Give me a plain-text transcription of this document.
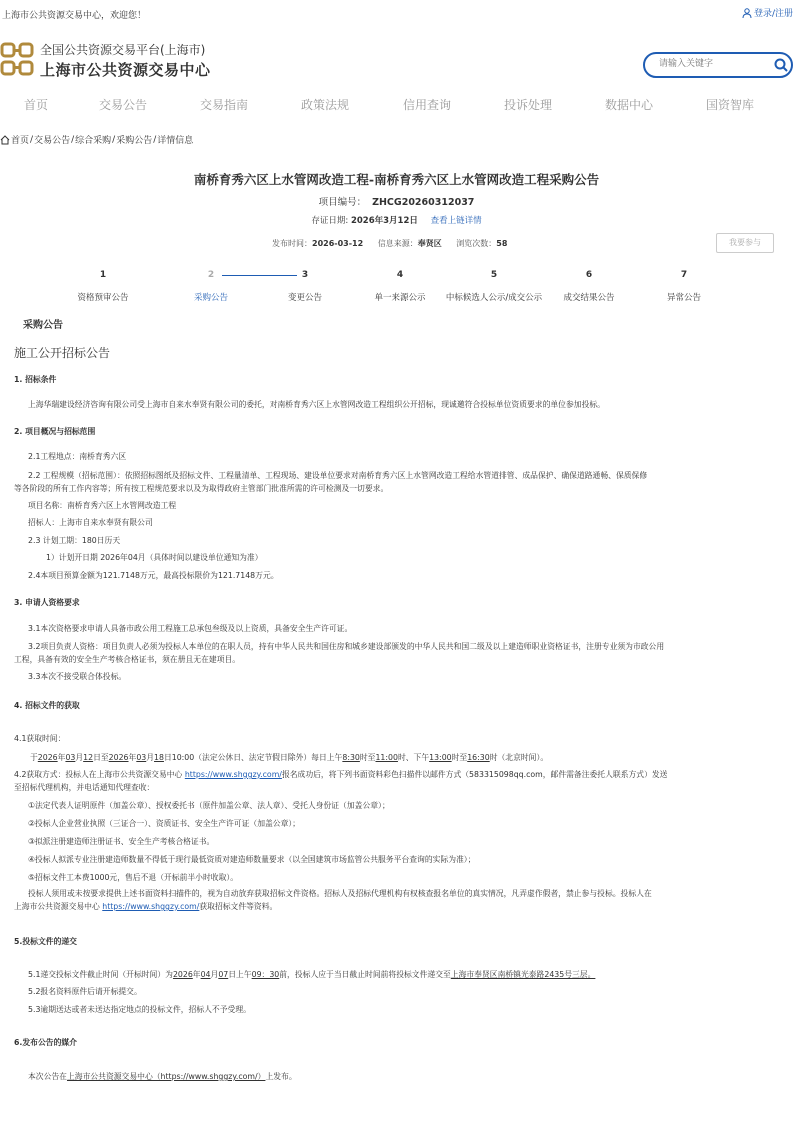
上海市公共资源交易中心，欢迎您！	登录/注册
全国公共资源交易平台(上海市)
上海市公共资源交易中心
请输入关键字
首页	交易公告	交易指南	政策法规	信用查询	投诉处理	数据中心	国资智库
首页 / 交易公告 / 综合采购 / 采购公告 / 详情信息
南桥育秀六区上水管网改造工程-南桥育秀六区上水管网改造工程采购公告
项目编号： ZHCG20260312037
存证日期: 2026年3月12日 查看上链详情
发布时间：2026-03-12 信息来源：奉贤区 浏览次数：58	我要参与
1
资格预审公告
2
采购公告
3
变更公告
4
单一来源公示
5
中标候选人公示/成交公示
6
成交结果公告
7
异常公告
采购公告
施工公开招标公告
1. 招标条件
上海华瑞建设经济咨询有限公司受上海市自来水奉贤有限公司的委托，对南桥育秀六区上水管网改造工程组织公开招标，现诚邀符合投标单位资质要求的单位参加投标。
2. 项目概况与招标范围
2.1工程地点：南桥育秀六区
2.2 工程规模（招标范围）：依照招标图纸及招标文件、工程量清单、工程现场、建设单位要求对南桥育秀六区上水管网改造工程给水管道排管、成品保护、确保道路通畅、保质保修
等各阶段的所有工作内容等；所有按工程规范要求以及为取得政府主管部门批准所需的许可检测及一切要求。
项目名称：南桥育秀六区上水管网改造工程
招标人：上海市自来水奉贤有限公司
2.3 计划工期：180日历天
1）计划开日期 2026年04月（具体时间以建设单位通知为准）
2.4本项目预算金额为121.7148万元，最高投标限价为121.7148万元。
3. 申请人资格要求
3.1本次资格要求申请人具备市政公用工程施工总承包叁级及以上资质，具备安全生产许可证。
3.2项目负责人资格：项目负责人必须为投标人本单位的在职人员，持有中华人民共和国住房和城乡建设部颁发的中华人民共和国二级及以上建造师职业资格证书，注册专业须为市政公用
工程，具备有效的安全生产考核合格证书，须在册且无在建项目。
3.3本次不接受联合体投标。
4. 招标文件的获取
4.1获取时间：
于2026年03月12日至2026年03月18日10:00（法定公休日、法定节假日除外）每日上午8:30时至11:00时、下午13:00时至16:30时（北京时间）。
4.2获取方式：投标人在上海市公共资源交易中心 https://www.shggzy.com/报名成功后，将下列书面资料彩色扫描件以邮件方式（583315098qq.com，邮件需备注委托人联系方式）发送
至招标代理机构，并电话通知代理查收：
①法定代表人证明原件（加盖公章）、授权委托书（原件加盖公章、法人章）、受托人身份证（加盖公章）；
②投标人企业营业执照（三证合一）、资质证书、安全生产许可证（加盖公章）；
③拟派注册建造师注册证书、安全生产考核合格证书。
④投标人拟派专业注册建造师数量不得低于现行最低资质对建造师数量要求（以全国建筑市场监管公共服务平台查询的实际为准）；
⑤招标文件工本费1000元，售后不退（开标前半小时收取）。
投标人须用或未按要求提供上述书面资料扫描件的，视为自动放弃获取招标文件资格。招标人及招标代理机构有权核查报名单位的真实情况，凡弄虚作假者，禁止参与投标。投标人在
上海市公共资源交易中心 https://www.shggzy.com/获取招标文件等资料。
5.投标文件的递交
5.1递交投标文件截止时间（开标时间）为2026年04月07日上午09：30前，投标人应于当日截止时间前将投标文件递交至上海市奉贤区南桥镇光泰路2435号三层。
5.2报名资料原件后请开标提交。
5.3逾期送达或者未送达指定地点的投标文件，招标人不予受理。
6.发布公告的媒介
本次公告在上海市公共资源交易中心（https://www.shggzy.com/）上发布。
